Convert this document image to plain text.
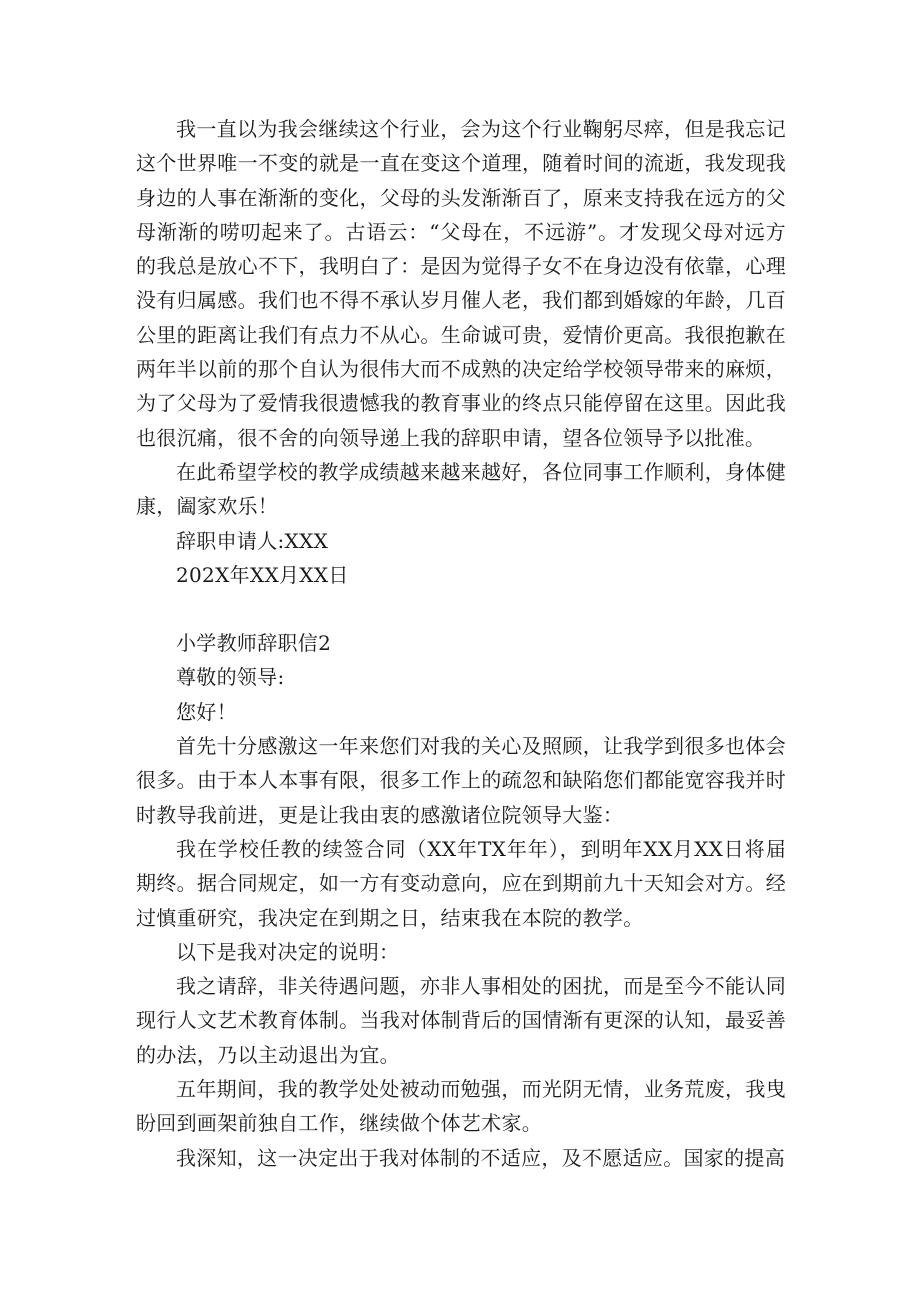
我一直以为我会继续这个行业，会为这个行业鞠躬尽瘁，但是我忘记这个世界唯一不变的就是一直在变这个道理，随着时间的流逝，我发现我身边的人事在渐渐的变化，父母的头发渐渐百了，原来支持我在远方的父母渐渐的唠叨起来了。古语云：“父母在，不远游”。才发现父母对远方的我总是放心不下，我明白了：是因为觉得子女不在身边没有依靠，心理没有归属感。我们也不得不承认岁月催人老，我们都到婚嫁的年龄，几百公里的距离让我们有点力不从心。生命诚可贵，爱情价更高。我很抱歉在两年半以前的那个自认为很伟大而不成熟的决定给学校领导带来的麻烦，为了父母为了爱情我很遗憾我的教育事业的终点只能停留在这里。因此我也很沉痛，很不舍的向领导递上我的辞职申请，望各位领导予以批准。

在此希望学校的教学成绩越来越来越好，各位同事工作顺利，身体健康，阖家欢乐！

辞职申请人:XXX

202X年XX月XX日

小学教师辞职信2

尊敬的领导:

您好！

首先十分感激这一年来您们对我的关心及照顾，让我学到很多也体会很多。由于本人本事有限，很多工作上的疏忽和缺陷您们都能宽容我并时时教导我前进，更是让我由衷的感激诸位院领导大鉴：

我在学校任教的续签合同（XX年TX年年），到明年XX月XX日将届期终。据合同规定，如一方有变动意向，应在到期前九十天知会对方。经过慎重研究，我决定在到期之日，结束我在本院的教学。

以下是我对决定的说明：

我之请辞，非关待遇问题，亦非人事相处的困扰，而是至今不能认同现行人文艺术教育体制。当我对体制背后的国情渐有更深的认知，最妥善的办法，乃以主动退出为宜。

五年期间，我的教学处处被动而勉强，而光阴无情，业务荒废，我曳盼回到画架前独自工作，继续做个体艺术家。

我深知，这一决定出于我对体制的不适应，及不愿适应。国家的提高
